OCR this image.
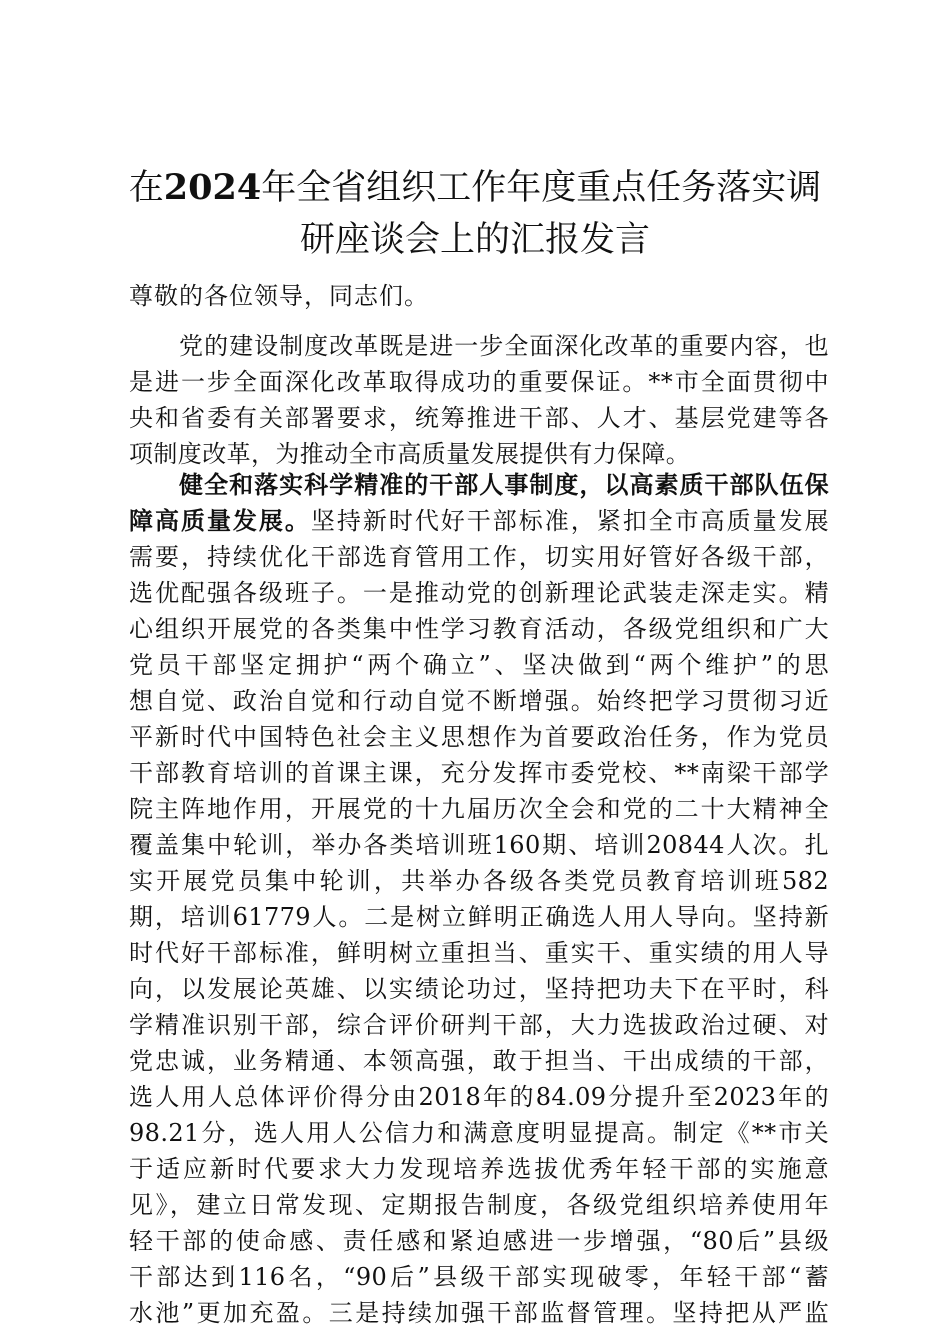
在2024年全省组织工作年度重点任务落实调
研座谈会上的汇报发言
尊敬的各位领导，同志们。
　　党的建设制度改革既是进一步全面深化改革的重要内容，也
是进一步全面深化改革取得成功的重要保证。**市全面贯彻中
央和省委有关部署要求，统筹推进干部、人才、基层党建等各
项制度改革，为推动全市高质量发展提供有力保障。
　　健全和落实科学精准的干部人事制度，以高素质干部队伍保
障高质量发展。坚持新时代好干部标准，紧扣全市高质量发展
需要，持续优化干部选育管用工作，切实用好管好各级干部，
选优配强各级班子。一是推动党的创新理论武装走深走实。精
心组织开展党的各类集中性学习教育活动，各级党组织和广大
党员干部坚定拥护“两个确立”、坚决做到“两个维护”的思
想自觉、政治自觉和行动自觉不断增强。始终把学习贯彻习近
平新时代中国特色社会主义思想作为首要政治任务，作为党员
干部教育培训的首课主课，充分发挥市委党校、**南梁干部学
院主阵地作用，开展党的十九届历次全会和党的二十大精神全
覆盖集中轮训，举办各类培训班160期、培训20844人次。扎
实开展党员集中轮训，共举办各级各类党员教育培训班582
期，培训61779人。二是树立鲜明正确选人用人导向。坚持新
时代好干部标准，鲜明树立重担当、重实干、重实绩的用人导
向，以发展论英雄、以实绩论功过，坚持把功夫下在平时，科
学精准识别干部，综合评价研判干部，大力选拔政治过硬、对
党忠诚，业务精通、本领高强，敢于担当、干出成绩的干部，
选人用人总体评价得分由2018年的84.09分提升至2023年的
98.21分，选人用人公信力和满意度明显提高。制定《**市关
于适应新时代要求大力发现培养选拔优秀年轻干部的实施意
见》，建立日常发现、定期报告制度，各级党组织培养使用年
轻干部的使命感、责任感和紧迫感进一步增强，“80后”县级
干部达到116名，“90后”县级干部实现破零，年轻干部“蓄
水池”更加充盈。三是持续加强干部监督管理。坚持把从严监
